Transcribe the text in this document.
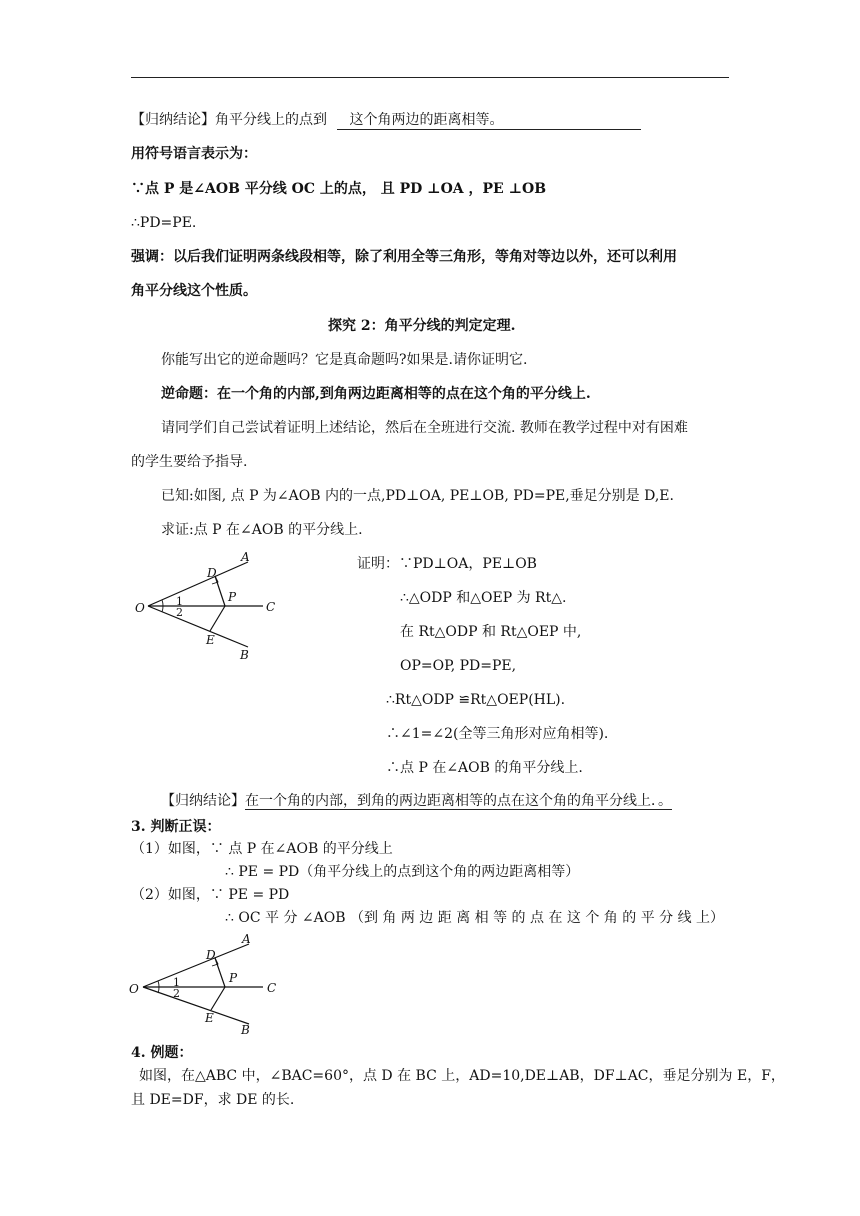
【归纳结论】角平分线上的点到 这个角两边的距离相等。
用符号语言表示为：
∵点 P 是∠AOB 平分线 OC 上的点， 且 PD ⊥OA ，PE ⊥OB
∴PD=PE.
强调：以后我们证明两条线段相等，除了利用全等三角形，等角对等边以外，还可以利用
角平分线这个性质。
探究 2：角平分线的判定定理.
你能写出它的逆命题吗？它是真命题吗?如果是.请你证明它.
逆命题：在一个角的内部,到角两边距离相等的点在这个角的平分线上.
请同学们自己尝试着证明上述结论，然后在全班进行交流. 教师在教学过程中对有困难
的学生要给予指导.
已知:如图, 点 P 为∠AOB 内的一点,PD⊥OA, PE⊥OB, PD=PE,垂足分别是 D,E.
求证:点 P 在∠AOB 的平分线上.
A
D
P
C
O	1
2
E
B
证明：∵PD⊥OA，PE⊥OB
∴△ODP 和△OEP 为 Rt△.
在 Rt△ODP 和 Rt△OEP 中,
OP=OP, PD=PE,
∴Rt△ODP ≌Rt△OEP(HL).
∴∠1=∠2(全等三角形对应角相等).
∴点 P 在∠AOB 的角平分线上.
【归纳结论】在一个角的内部，到角的两边距离相等的点在这个角的角平分线上．。
3. 判断正误：
（1）如图，∵ 点 P 在∠AOB 的平分线上
∴ PE = PD（角平分线上的点到这个角的两边距离相等）
（2）如图，∵ PE = PD
∴ OC 平 分 ∠AOB （到 角 两 边 距 离 相 等 的 点 在 这 个 角 的 平 分 线 上）
A
D
P
C
O	1
2
E
B
4. 例题：
如图，在△ABC 中，∠BAC=60°，点 D 在 BC 上，AD=10,DE⊥AB，DF⊥AC，垂足分别为 E，F，
且 DE=DF，求 DE 的长.
